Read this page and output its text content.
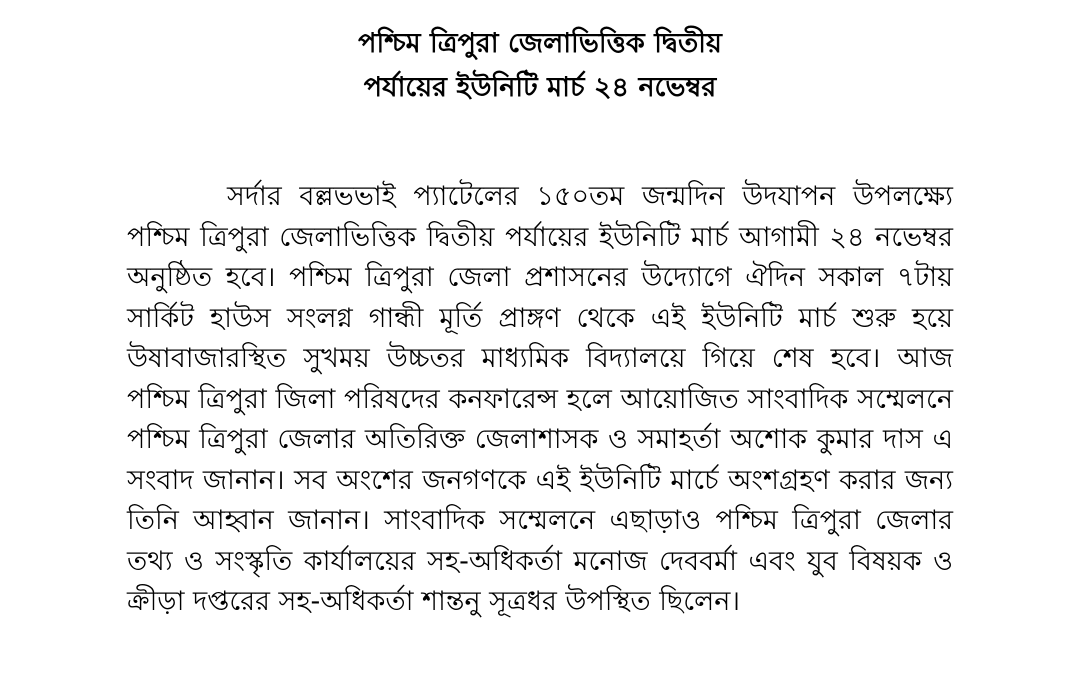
পশ্চিম ত্রিপুরা জেলাভিত্তিক দ্বিতীয়
পর্যায়ের ইউনিটি মার্চ ২৪ নভেম্বর

সর্দার বল্লভভাই প্যাটেলের ১৫০তম জন্মদিন উদযাপন উপলক্ষ্যে পশ্চিম ত্রিপুরা জেলাভিত্তিক দ্বিতীয় পর্যায়ের ইউনিটি মার্চ আগামী ২৪ নভেম্বর অনুষ্ঠিত হবে। পশ্চিম ত্রিপুরা জেলা প্রশাসনের উদ্যোগে ঐদিন সকাল ৭টায় সার্কিট হাউস সংলগ্ন গান্ধী মূর্তি প্রাঙ্গণ থেকে এই ইউনিটি মার্চ শুরু হয়ে উষাবাজারস্থিত সুখময় উচ্চতর মাধ্যমিক বিদ্যালয়ে গিয়ে শেষ হবে। আজ পশ্চিম ত্রিপুরা জিলা পরিষদের কনফারেন্স হলে আয়োজিত সাংবাদিক সম্মেলনে পশ্চিম ত্রিপুরা জেলার অতিরিক্ত জেলাশাসক ও সমাহর্তা অশোক কুমার দাস এ সংবাদ জানান। সব অংশের জনগণকে এই ইউনিটি মার্চে অংশগ্রহণ করার জন্য তিনি আহ্বান জানান। সাংবাদিক সম্মেলনে এছাড়াও পশ্চিম ত্রিপুরা জেলার তথ্য ও সংস্কৃতি কার্যালয়ের সহ-অধিকর্তা মনোজ দেববর্মা এবং যুব বিষয়ক ও ক্রীড়া দপ্তরের সহ-অধিকর্তা শান্তনু সূত্রধর উপস্থিত ছিলেন।
